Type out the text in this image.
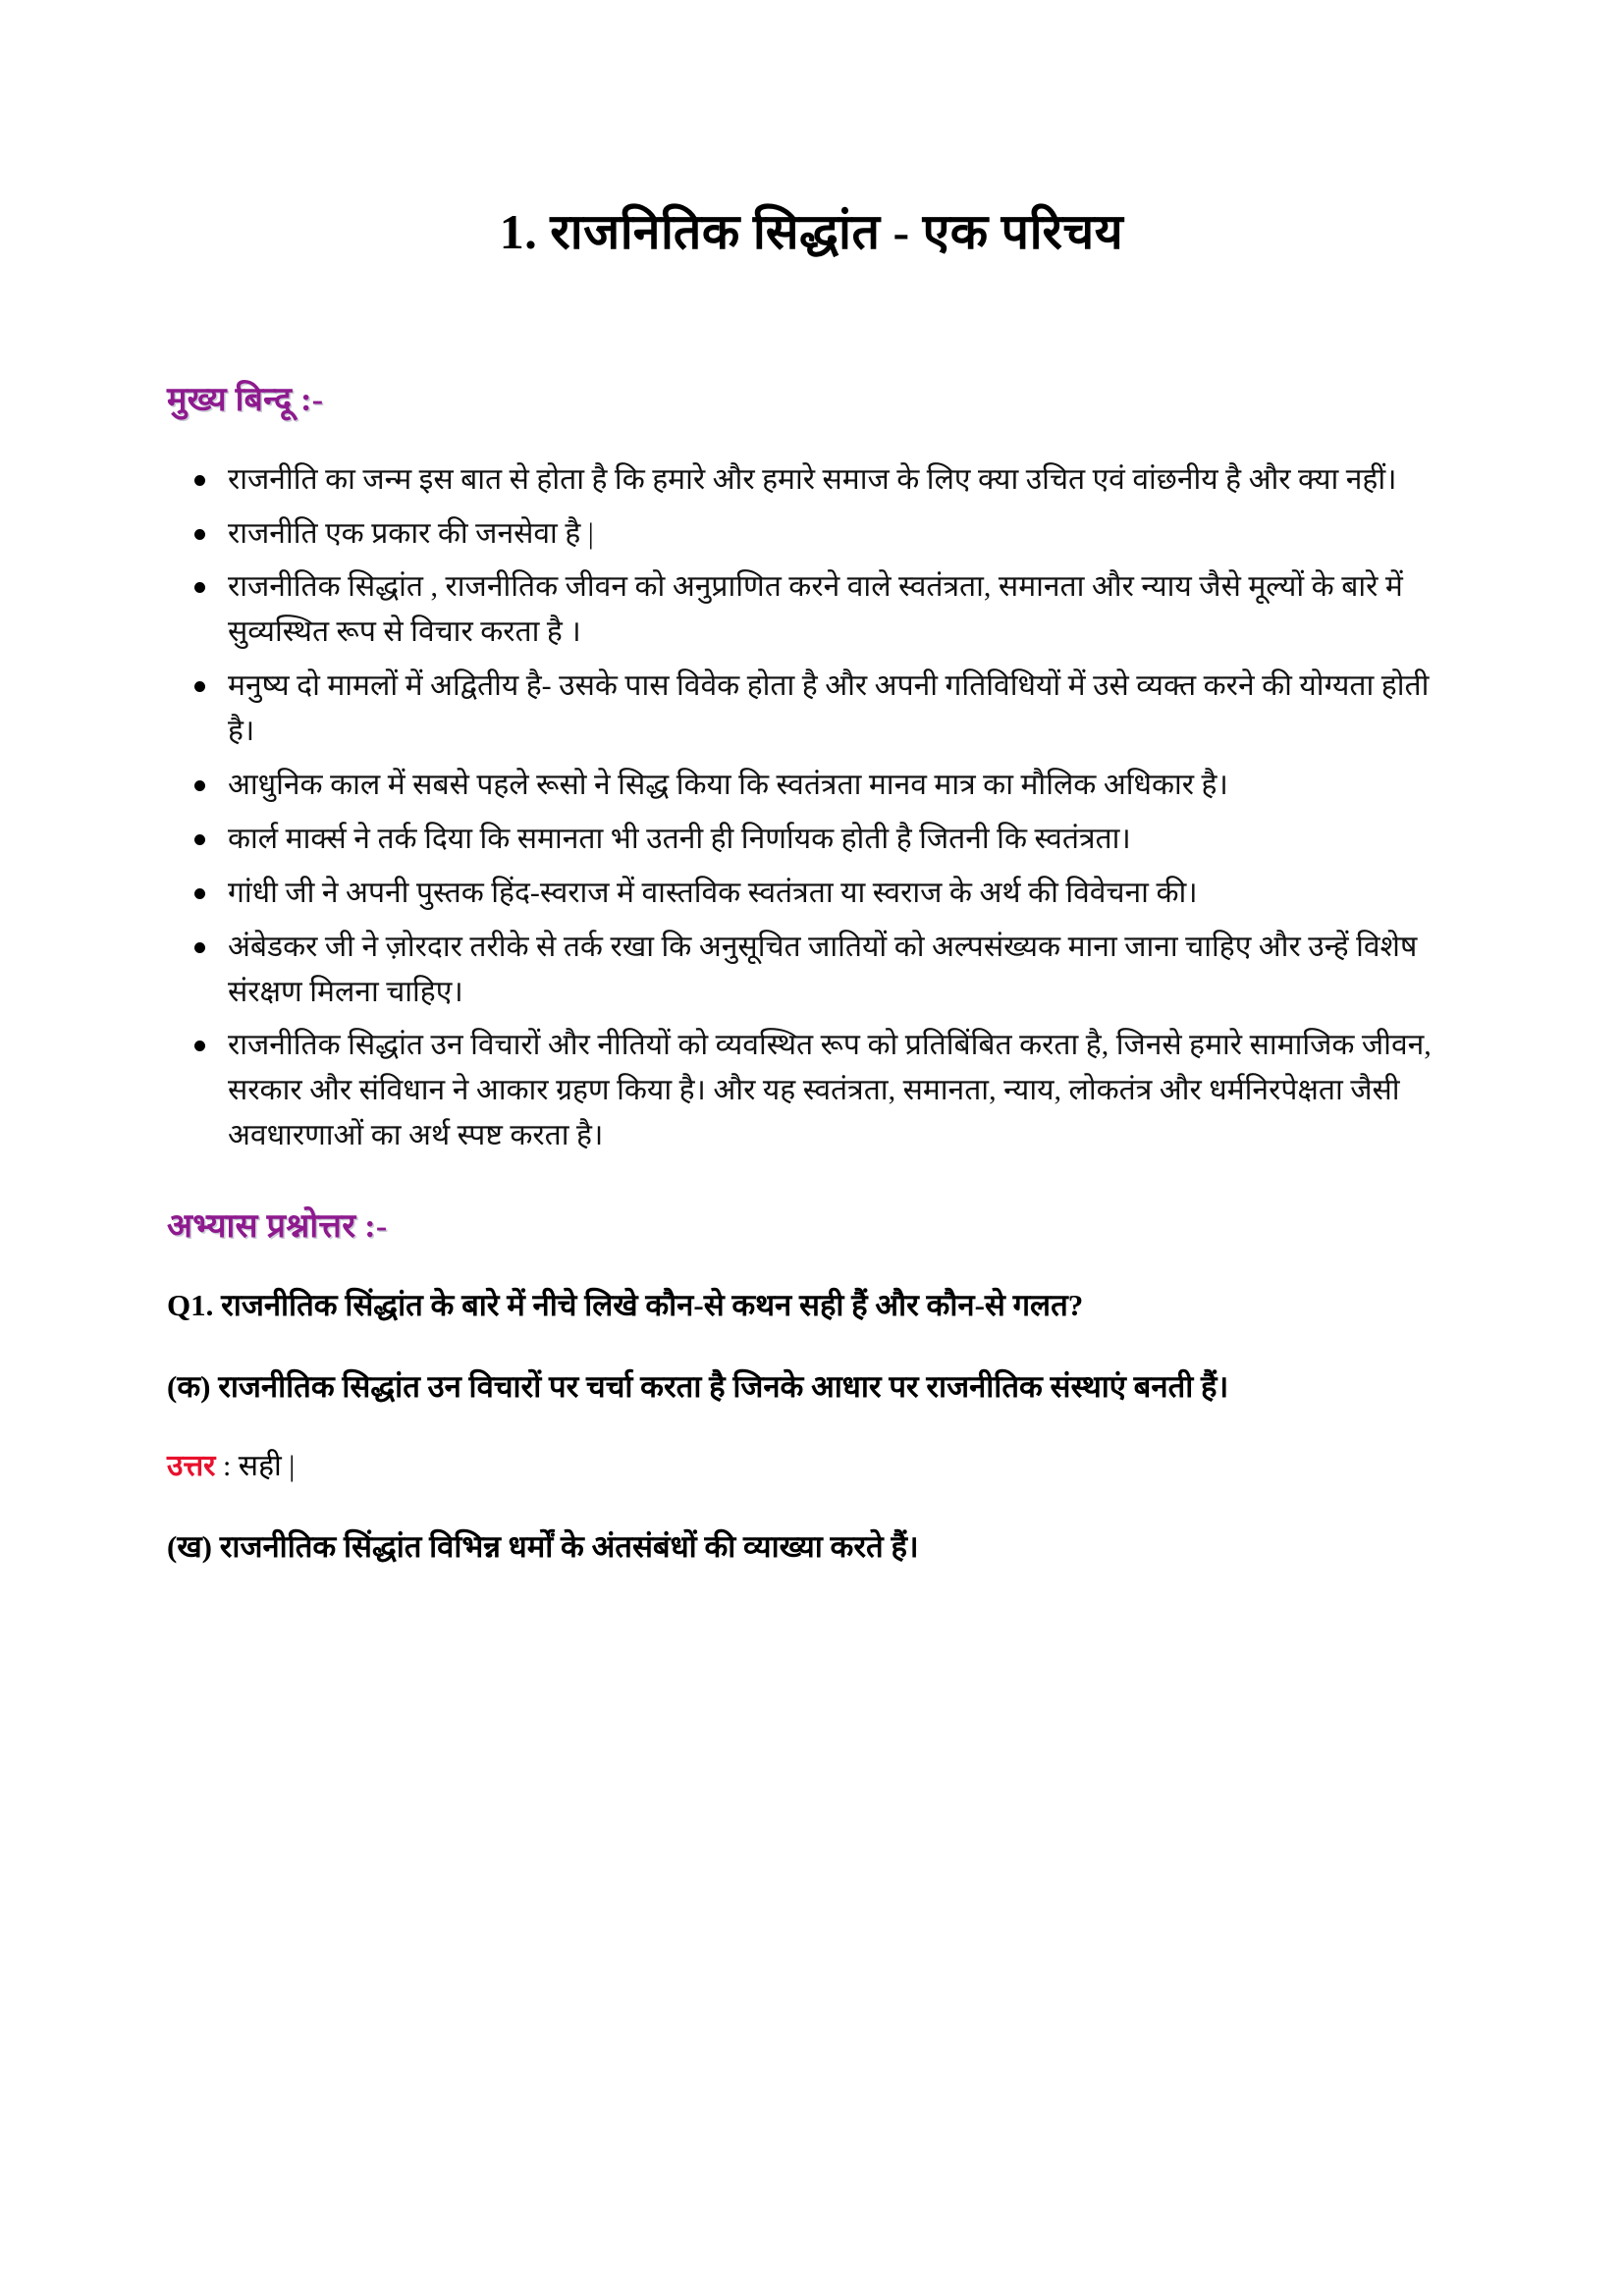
1. राजनितिक सिद्धांत - एक परिचय
मुख्य बिन्दू :-
राजनीति का जन्म इस बात से होता है कि हमारे और हमारे समाज के लिए क्या उचित एवं वांछनीय है और क्या नहीं।
राजनीति एक प्रकार की जनसेवा है |
राजनीतिक सिद्धांत , राजनीतिक जीवन को अनुप्राणित करने वाले स्वतंत्रता, समानता और न्याय जैसे मूल्यों के बारे में सुव्यस्थित रूप से विचार करता है ।
मनुष्य दो मामलों में अद्वितीय है- उसके पास विवेक होता है और अपनी गतिविधियों में उसे व्यक्त करने की योग्यता होती है।
आधुनिक काल में सबसे पहले रूसो ने सिद्ध किया कि स्वतंत्रता मानव मात्र का मौलिक अधिकार है।
कार्ल मार्क्स ने तर्क दिया कि समानता भी उतनी ही निर्णायक होती है जितनी कि स्वतंत्रता।
गांधी जी ने अपनी पुस्तक हिंद-स्वराज में वास्तविक स्वतंत्रता या स्वराज के अर्थ की विवेचना की।
अंबेडकर जी ने ज़ोरदार तरीके से तर्क रखा कि अनुसूचित जातियों को अल्पसंख्यक माना जाना चाहिए और उन्हें विशेष संरक्षण मिलना चाहिए।
राजनीतिक सिद्धांत उन विचारों और नीतियों को व्यवस्थित रूप को प्रतिबिंबित करता है, जिनसे हमारे सामाजिक जीवन, सरकार और संविधान ने आकार ग्रहण किया है। और यह स्वतंत्रता, समानता, न्याय, लोकतंत्र और धर्मनिरपेक्षता जैसी अवधारणाओं का अर्थ स्पष्ट करता है।
अभ्यास प्रश्नोत्तर :-

Q1. राजनीतिक सिंद्धांत के बारे में नीचे लिखे कौन-से कथन सही हैं और कौन-से गलत?

(क) राजनीतिक सिद्धांत उन विचारों पर चर्चा करता है जिनके आधार पर राजनीतिक संस्थाएं बनती हैं।

उत्तर : सही |

(ख) राजनीतिक सिंद्धांत विभिन्न धर्मों के अंतसंबंधों की व्याख्या करते हैं।
